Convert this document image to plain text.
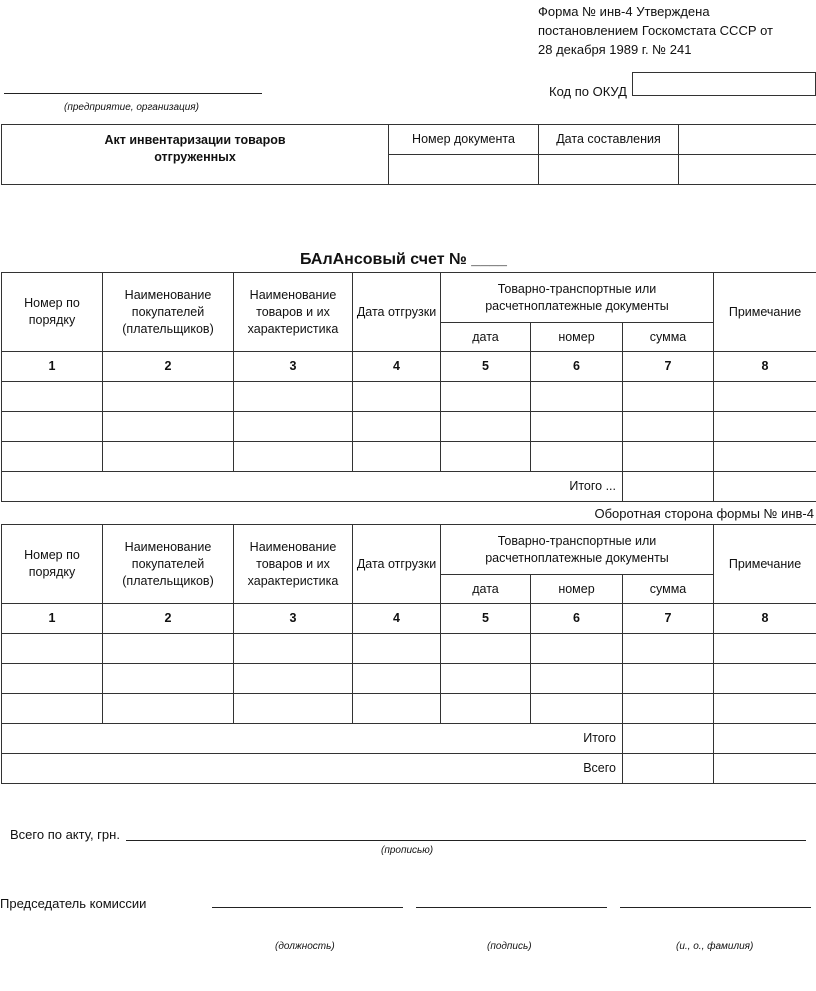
Форма № инв-4 Утверждена
постановлением Госкомстата СССР от
28 декабря 1989 г. № 241
(предприятие, организация)
Код по ОКУД
Акт инвентаризации товаров
отгруженных	Номер документа	Дата составления	

БАлАнсовый счет № ____
Номер по порядку	Наименование покупателей (плательщиков)	Наименование товаров и их характеристика	Дата отгрузки	Товарно-транспортные или расчетноплатежные документы			Примечание
				дата	номер	сумма	
1	2	3	4	5	6	7	8

Итого ...							
Оборотная сторона формы № инв-4
Номер по порядку	Наименование покупателей (плательщиков)	Наименование товаров и их характеристика	Дата отгрузки	Товарно-транспортные или расчетноплатежные документы			Примечание
				дата	номер	сумма	
1	2	3	4	5	6	7	8

Итого							
Всего							
Всего по акту, грн.
(прописью)
Председатель комиссии
(должность)	(подпись)	(и., о., фамилия)
